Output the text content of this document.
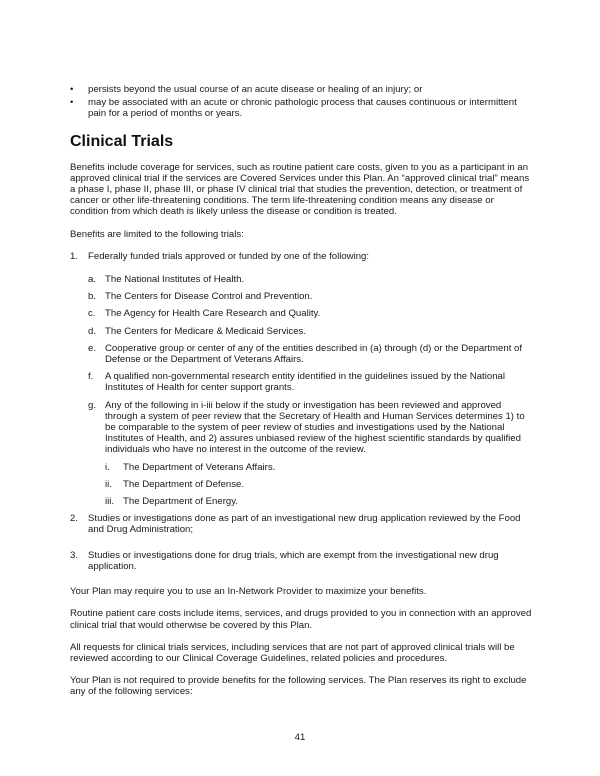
• persists beyond the usual course of an acute disease or healing of an injury; or
• may be associated with an acute or chronic pathologic process that causes continuous or intermittent pain for a period of months or years.
Clinical Trials

Benefits include coverage for services, such as routine patient care costs, given to you as a participant in an approved clinical trial if the services are Covered Services under this Plan. An “approved clinical trial” means a phase I, phase II, phase III, or phase IV clinical trial that studies the prevention, detection, or treatment of cancer or other life-threatening conditions. The term life-threatening condition means any disease or condition from which death is likely unless the disease or condition is treated.

Benefits are limited to the following trials:

1. Federally funded trials approved or funded by one of the following:
a. The National Institutes of Health.
b. The Centers for Disease Control and Prevention.
c. The Agency for Health Care Research and Quality.
d. The Centers for Medicare & Medicaid Services.
e. Cooperative group or center of any of the entities described in (a) through (d) or the Department of Defense or the Department of Veterans Affairs.
f. A qualified non-governmental research entity identified in the guidelines issued by the National Institutes of Health for center support grants.
g. Any of the following in i-iii below if the study or investigation has been reviewed and approved through a system of peer review that the Secretary of Health and Human Services determines 1) to be comparable to the system of peer review of studies and investigations used by the National Institutes of Health, and 2) assures unbiased review of the highest scientific standards by qualified individuals who have no interest in the outcome of the review.
i. The Department of Veterans Affairs.
ii. The Department of Defense.
iii. The Department of Energy.
2. Studies or investigations done as part of an investigational new drug application reviewed by the Food and Drug Administration;
3. Studies or investigations done for drug trials, which are exempt from the investigational new drug application.

Your Plan may require you to use an In-Network Provider to maximize your benefits.

Routine patient care costs include items, services, and drugs provided to you in connection with an approved clinical trial that would otherwise be covered by this Plan.

All requests for clinical trials services, including services that are not part of approved clinical trials will be reviewed according to our Clinical Coverage Guidelines, related policies and procedures.

Your Plan is not required to provide benefits for the following services. The Plan reserves its right to exclude any of the following services:

41
